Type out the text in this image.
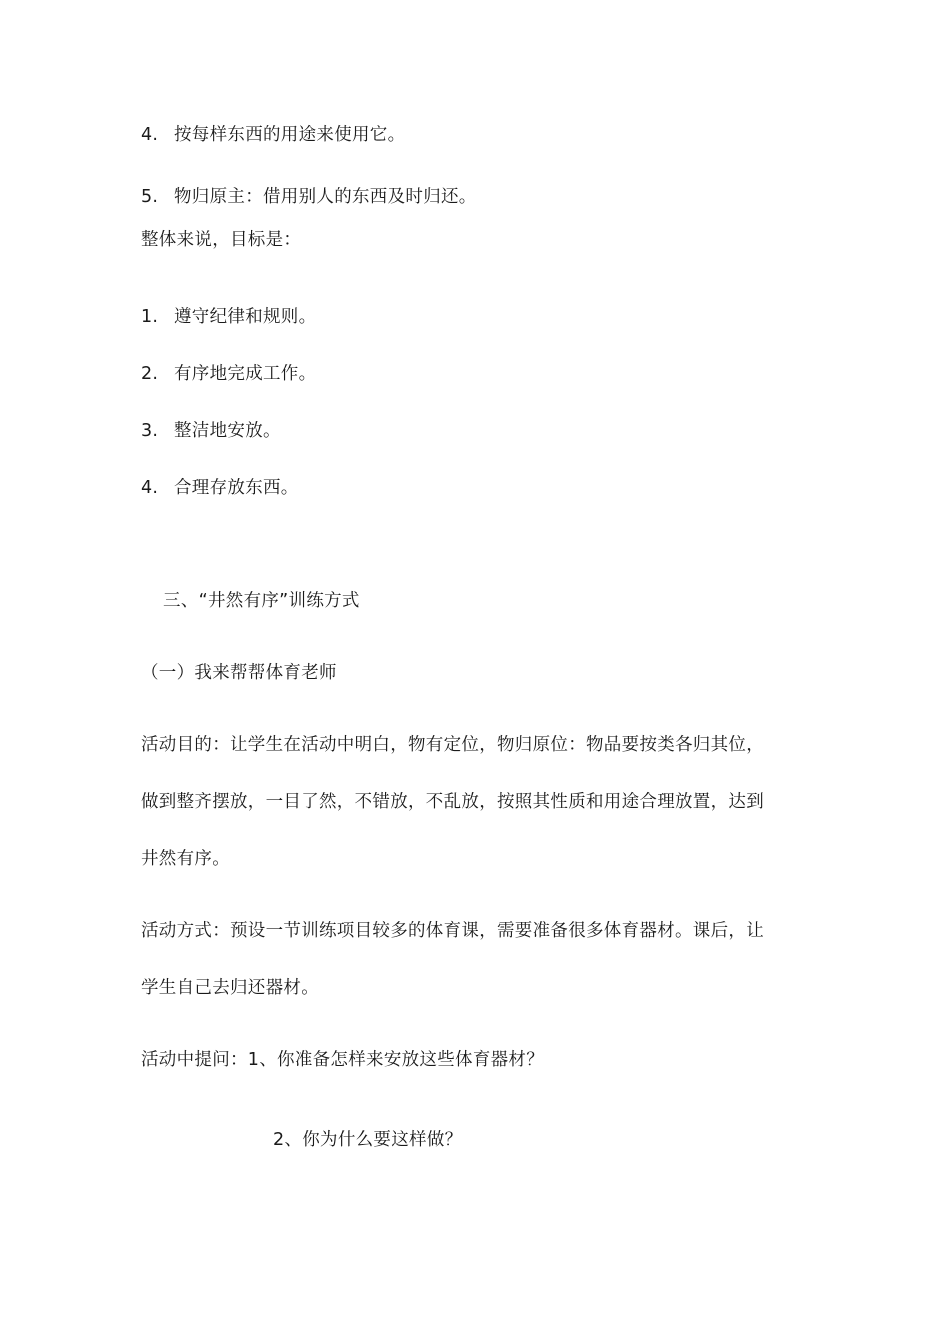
4. 按每样东西的用途来使用它。
5. 物归原主：借用别人的东西及时归还。
整体来说，目标是：
1. 遵守纪律和规则。
2. 有序地完成工作。
3. 整洁地安放。
4. 合理存放东西。
三、“井然有序”训练方式
（一）我来帮帮体育老师
活动目的：让学生在活动中明白，物有定位，物归原位：物品要按类各归其位，
做到整齐摆放，一目了然，不错放，不乱放，按照其性质和用途合理放置，达到
井然有序。
活动方式：预设一节训练项目较多的体育课，需要准备很多体育器材。课后，让
学生自己去归还器材。
活动中提问：1、你准备怎样来安放这些体育器材？
2、你为什么要这样做？
